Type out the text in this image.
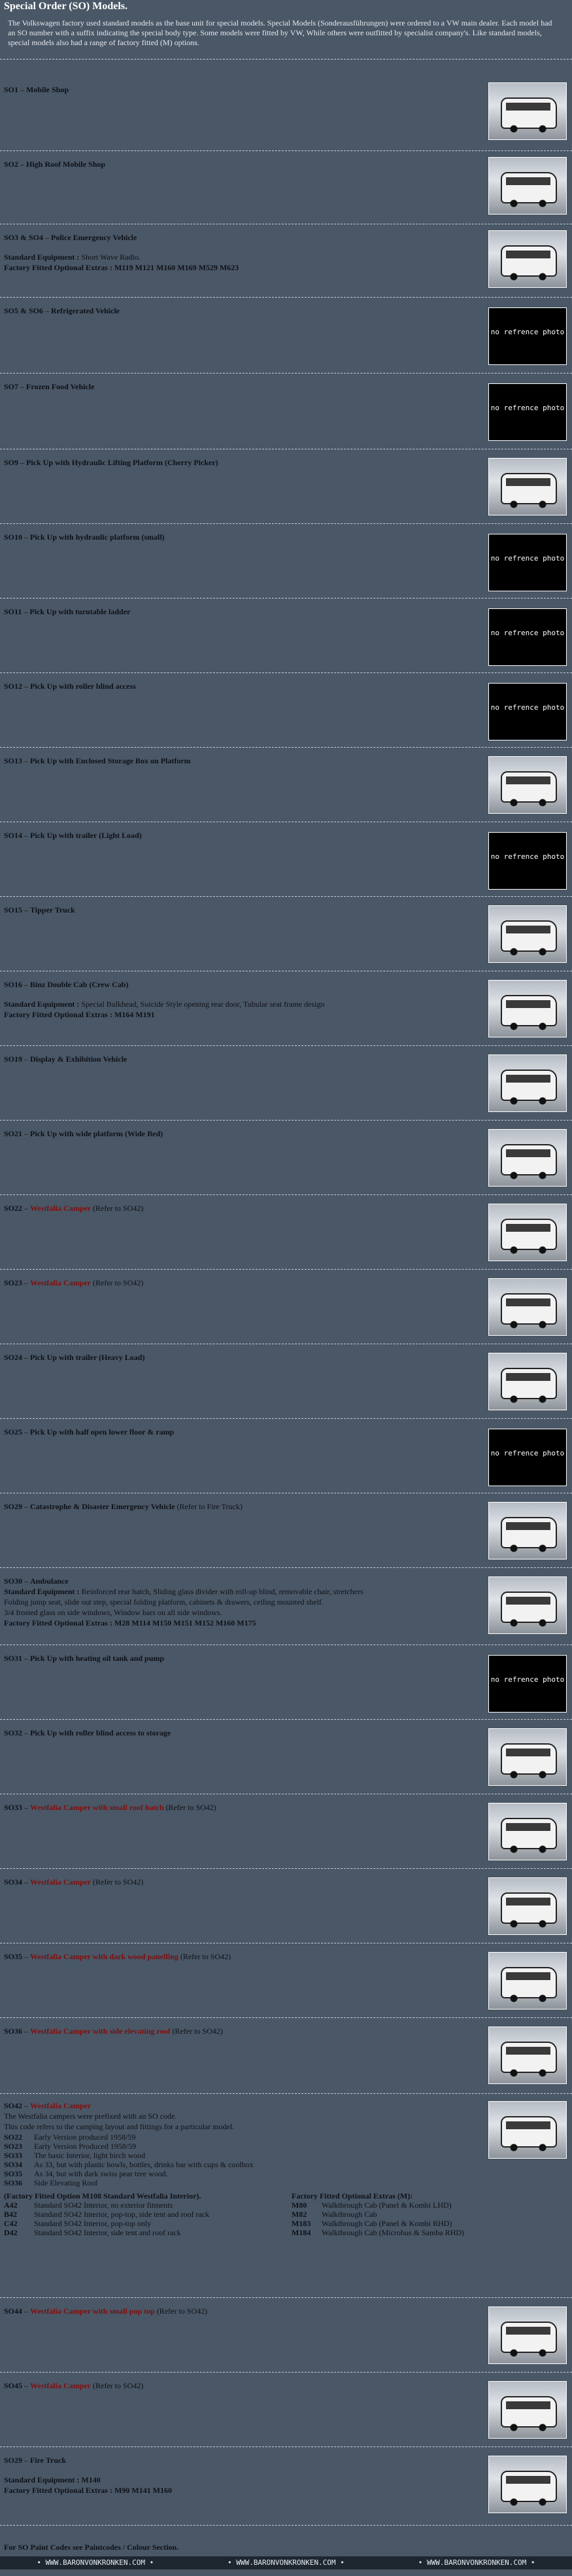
Special Order (SO) Models.
The Volkswagen factory used standard models as the base unit for special models. Special Models (Sonderausführungen) were ordered to a VW main dealer. Each model had an SO number with a suffix indicating the special body type. Some models were fitted by VW, While others were outfitted by specialist company's. Like standard models, special models also had a range of factory fitted (M) options.
SO1 – Mobile Shop
SO2 – High Roof Mobile Shop
SO3 & SO4 – Police Emergency Vehicle
Standard Equipment : Short Wave Radio.
Factory Fitted Optional Extras : M119 M121 M160 M169 M529 M623
SO5 & SO6 – Refrigerated Vehicle
no refrence photo
SO7 – Frozen Food Vehicle
no refrence photo
SO9 – Pick Up with Hydraulic Lifting Platform (Cherry Picker)
SO10 – Pick Up with hydraulic platform (small)
no refrence photo
SO11 – Pick Up with turntable ladder
no refrence photo
SO12 – Pick Up with roller blind access
no refrence photo
SO13 – Pick Up with Enclosed Storage Box on Platform
SO14 – Pick Up with trailer (Light Load)
no refrence photo
SO15 – Tipper Truck
SO16 – Binz Double Cab (Crew Cab)
Standard Equipment : Special Bulkhead, Suicide Style opening rear door, Tubular seat frame design
Factory Fitted Optional Extras : M164 M191
SO19 – Display & Exhibition Vehicle
SO21 – Pick Up with wide platform (Wide Bed)
SO22 – Westfalia Camper (Refer to SO42)
SO23 – Westfalia Camper (Refer to SO42)
SO24 – Pick Up with trailer (Heavy Load)
SO25 – Pick Up with half open lower floor & ramp
no refrence photo
SO29 – Catastrophe & Disaster Emergency Vehicle (Refer to Fire Truck)
SO30 – Ambulance
Standard Equipment : Reinforced rear hatch, Sliding glass divider with roll-up blind, removable chair, stretchers
Folding jump seat, slide out step, special folding platform, cabinets & drawers, ceiling mounted shelf.
3/4 frosted glass on side windows, Window bars on all side windows.
Factory Fitted Optional Extras : M28 M114 M150 M151 M152 M160 M175
SO31 – Pick Up with heating oil tank and pump
no refrence photo
SO32 – Pick Up with roller blind access to storage
SO33 – Westfalia Camper with small roof hatch (Refer to SO42)
SO34 – Westfalia Camper (Refer to SO42)
SO35 – Westfalia Camper with dark wood panelling (Refer to SO42)
SO36 – Westfalia Camper with side elevating roof (Refer to SO42)
SO42 – Westfalia Camper
The Westfalia campers were prefixed with an SO code.
This code refers to the camping layout and fittings for a particular model.
SO22	Early Version produced 1958/59
SO23	Early Version Produced 1958/59
SO33	The basic Interior, light birch wood
SO34	As 33, but with plastic bowls, bottles, drinks bar with cups & coolbox
SO35	As 34, but with dark swiss pear tree wood.
SO36	Side Elevating Roof
(Factory Fitted Option M108 Standard Westfalia Interior).
A42	Standard SO42 Interior, no exterior fitments
B42	Standard SO42 Interior, pop-top, side tent and roof rack
C42	Standard SO42 Interior, pop-top only
D42	Standard SO42 Interior, side tent and roof rack
Factory Fitted Optional Extras (M):
M80	Walkthrough Cab (Panel & Kombi LHD)
M82	Walkthrough Cab
M183	Walkthrough Cab (Panel & Kombi RHD)
M184	Walkthrough Cab (Microbus & Samba RHD)
SO44 – Westfalia Camper with small pop top (Refer to SO42)
SO45 – Westfalia Camper (Refer to SO42)
SO29 – Fire Truck
Standard Equipment : M140
Factory Fitted Optional Extras : M90 M141 M160
For SO Paint Codes see Paintcodes / Colour Section.
• WWW.BARONVONKRONKEN.COM •	• WWW.BARONVONKRONKEN.COM •	• WWW.BARONVONKRONKEN.COM •
